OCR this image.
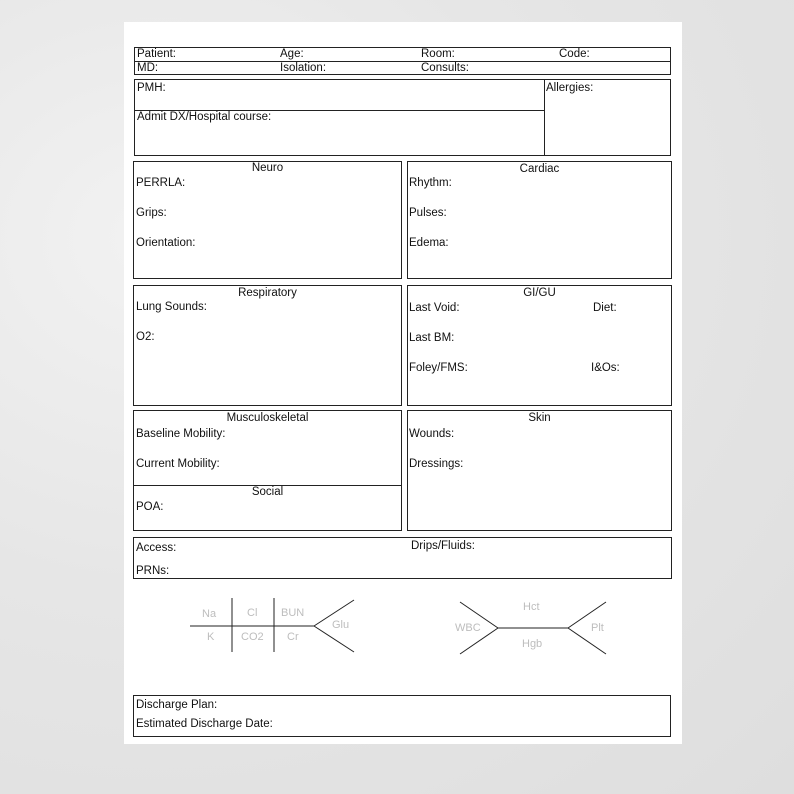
Patient:	Age:	Room:	Code:
MD:	Isolation:	Consults:
PMH:	Allergies:
Admit DX/Hospital course:
Neuro
PERRLA:
Grips:
Orientation:
Cardiac
Rhythm:
Pulses:
Edema:
Respiratory
Lung Sounds:
O2:
GI/GU
Last Void:	Diet:
Last BM:
Foley/FMS:	I&Os:
Musculoskeletal
Baseline Mobility:
Current Mobility:
Social
POA:
Skin
Wounds:
Dressings:
Access:	Drips/Fluids:
PRNs:
Na	Cl BUN
K CO2 Cr
Glu	WBC
Hct
Hgb
Plt
Discharge Plan:
Estimated Discharge Date:
